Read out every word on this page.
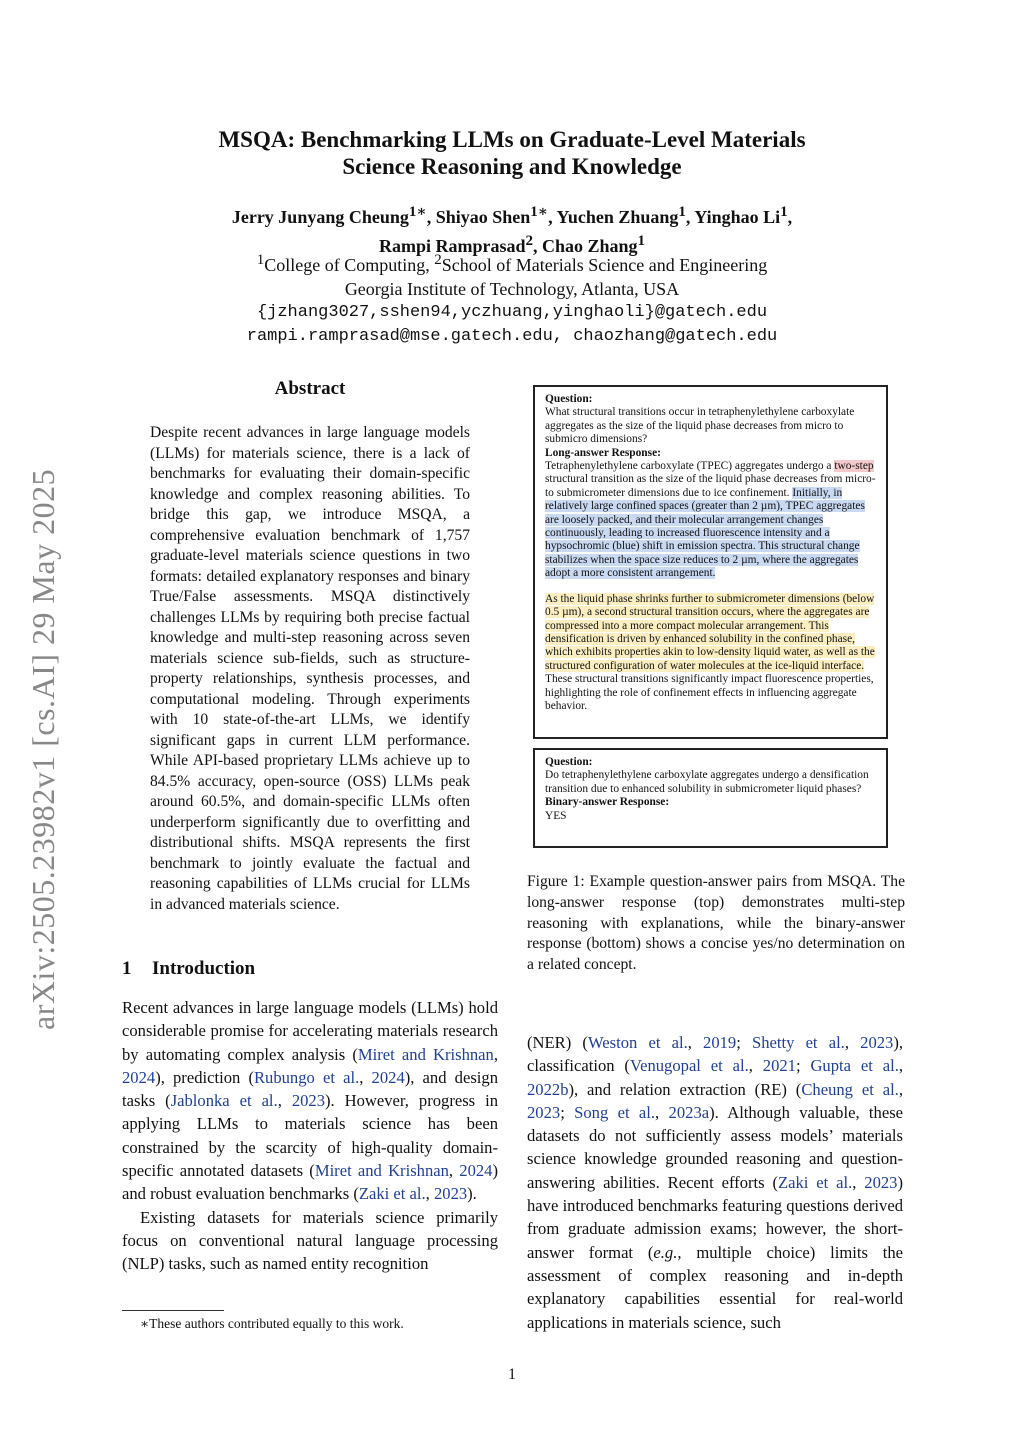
MSQA: Benchmarking LLMs on Graduate-Level Materials
Science Reasoning and Knowledge
Jerry Junyang Cheung$^{1∗}$, Shiyao Shen$^{1∗}$, Yuchen Zhuang$^1$, Yinghao Li$^1$,
Rampi Ramprasad$^2$, Chao Zhang$^1$
$^1$College of Computing, $^2$School of Materials Science and Engineering
Georgia Institute of Technology, Atlanta, USA
{jzhang3027,sshen94,yczhuang,yinghaoli}@gatech.edu
rampi.ramprasad@mse.gatech.edu, chaozhang@gatech.edu
arXiv:2505.23982v1 [cs.AI] 29 May 2025
Abstract
Despite recent advances in large language models (LLMs) for materials science, there is a lack of benchmarks for evaluating their domain-specific knowledge and complex reasoning abilities. To bridge this gap, we introduce MSQA, a comprehensive evaluation benchmark of 1,757 graduate-level materials science questions in two formats: detailed explanatory responses and binary True/False assessments. MSQA distinctively challenges LLMs by requiring both precise factual knowledge and multi-step reasoning across seven materials science sub-fields, such as structure-property relationships, synthesis processes, and computational modeling. Through experiments with 10 state-of-the-art LLMs, we identify significant gaps in current LLM performance. While API-based proprietary LLMs achieve up to 84.5% accuracy, open-source (OSS) LLMs peak around 60.5%, and domain-specific LLMs often underperform significantly due to overfitting and distributional shifts. MSQA represents the first benchmark to jointly evaluate the factual and reasoning capabilities of LLMs crucial for LLMs in advanced materials science.
1 Introduction

Recent advances in large language models (LLMs) hold considerable promise for accelerating materials research by automating complex analysis (Miret and Krishnan, 2024), prediction (Rubungo et al., 2024), and design tasks (Jablonka et al., 2023). However, progress in applying LLMs to materials science has been constrained by the scarcity of high-quality domain-specific annotated datasets (Miret and Krishnan, 2024) and robust evaluation benchmarks (Zaki et al., 2023).

Existing datasets for materials science primarily focus on conventional natural language processing (NLP) tasks, such as named entity recognition

∗These authors contributed equally to this work.
Question:
What structural transitions occur in tetraphenylethylene carboxylate aggregates as the size of the liquid phase decreases from micro to submicro dimensions?
Long-answer Response:
Tetraphenylethylene carboxylate (TPEC) aggregates undergo a two-step structural transition as the size of the liquid phase decreases from micro- to submicrometer dimensions due to ice confinement. Initially, in relatively large confined spaces (greater than 2 µm), TPEC aggregates are loosely packed, and their molecular arrangement changes continuously, leading to increased fluorescence intensity and a hypsochromic (blue) shift in emission spectra. This structural change stabilizes when the space size reduces to 2 µm, where the aggregates adopt a more consistent arrangement.
As the liquid phase shrinks further to submicrometer dimensions (below 0.5 µm), a second structural transition occurs, where the aggregates are compressed into a more compact molecular arrangement. This densification is driven by enhanced solubility in the confined phase, which exhibits properties akin to low-density liquid water, as well as the structured configuration of water molecules at the ice-liquid interface. These structural transitions significantly impact fluorescence properties, highlighting the role of confinement effects in influencing aggregate behavior.
Question:
Do tetraphenylethylene carboxylate aggregates undergo a densification transition due to enhanced solubility in submicrometer liquid phases?
Binary-answer Response:
YES
Figure 1: Example question-answer pairs from MSQA. The long-answer response (top) demonstrates multi-step reasoning with explanations, while the binary-answer response (bottom) shows a concise yes/no determination on a related concept.
(NER) (Weston et al., 2019; Shetty et al., 2023), classification (Venugopal et al., 2021; Gupta et al., 2022b), and relation extraction (RE) (Cheung et al., 2023; Song et al., 2023a). Although valuable, these datasets do not sufficiently assess models’ materials science knowledge grounded reasoning and question-answering abilities. Recent efforts (Zaki et al., 2023) have introduced benchmarks featuring questions derived from graduate admission exams; however, the short-answer format (e.g., multiple choice) limits the assessment of complex reasoning and in-depth explanatory capabilities essential for real-world applications in materials science, such
1
